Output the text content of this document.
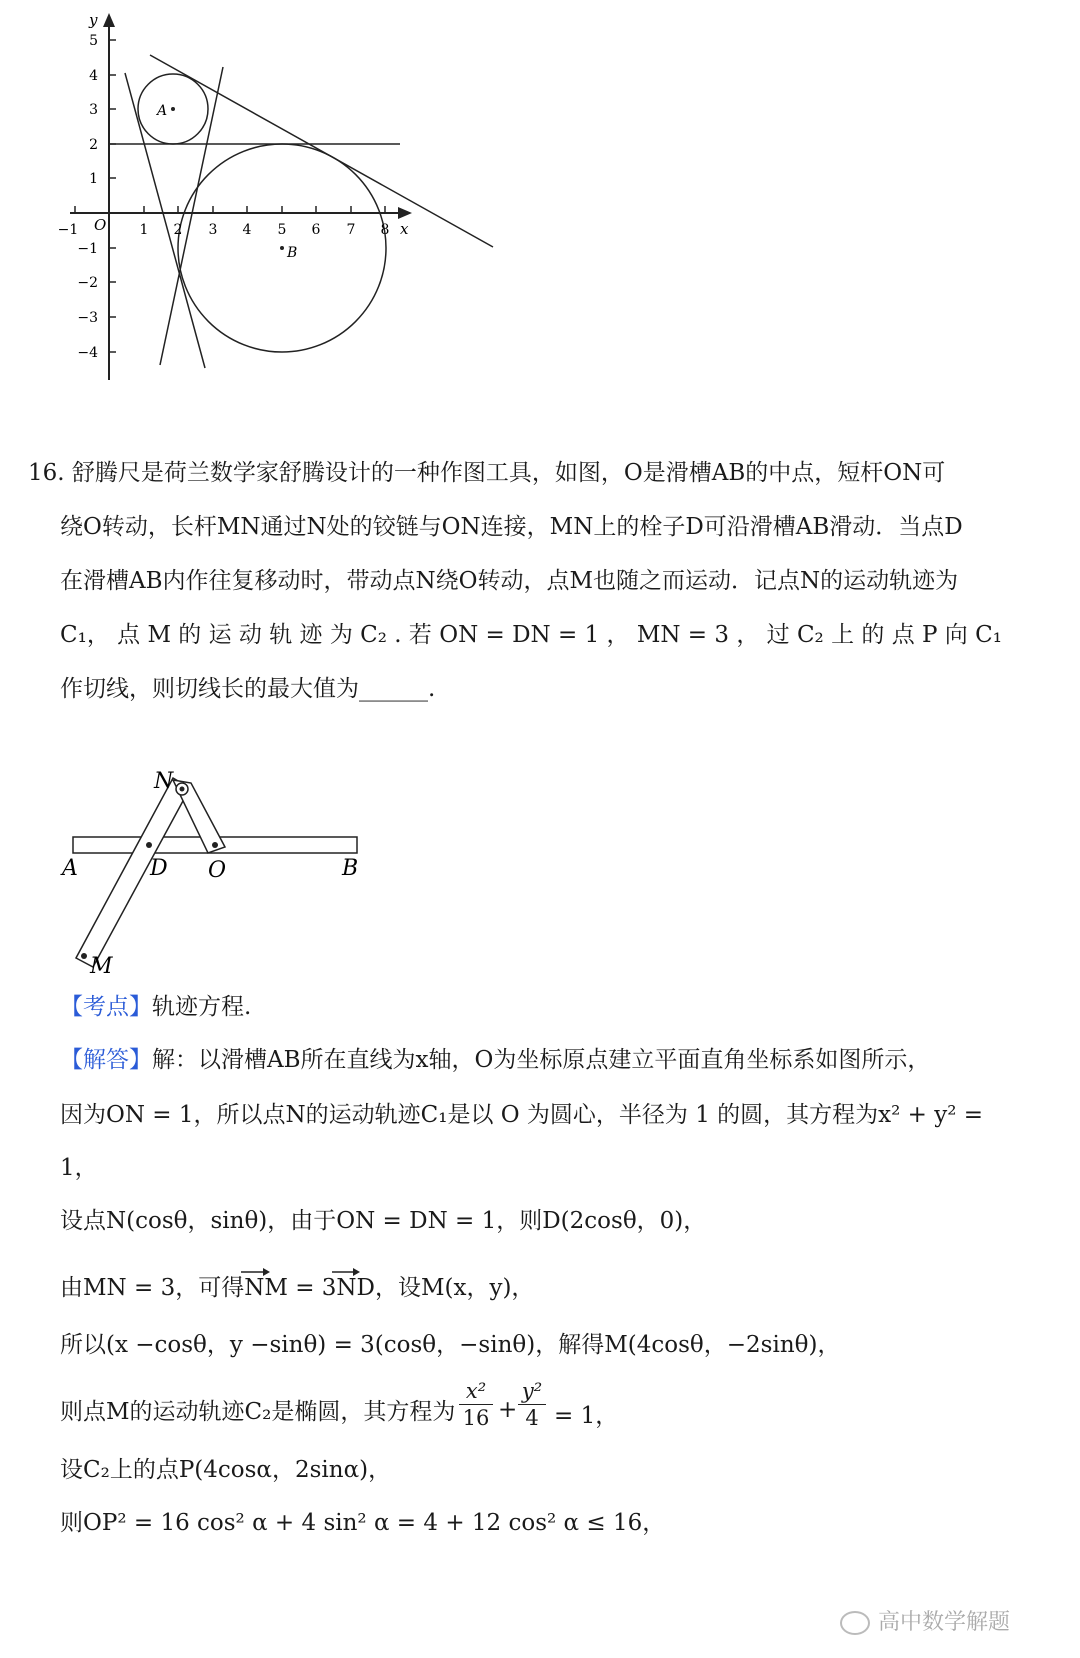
y
x
O
5
4
3
2
1
−1
−2
−3
−4
−1	1 2 3 4 5 6 7 8
A
B
16. 舒腾尺是荷兰数学家舒腾设计的一种作图工具，如图，O是滑槽AB的中点，短杆ON可
绕O转动，长杆MN通过N处的铰链与ON连接，MN上的栓子D可沿滑槽AB滑动．当点D
在滑槽AB内作往复移动时，带动点N绕O转动，点M也随之而运动．记点N的运动轨迹为
C₁， 点 M 的 运 动 轨 迹 为 C₂ . 若 ON = DN = 1 ， MN = 3 ， 过 C₂ 上 的 点 P 向 C₁
作切线，则切线长的最大值为______.
N
A	D O	B
M
【考点】轨迹方程.
【解答】解：以滑槽AB所在直线为x轴，O为坐标原点建立平面直角坐标系如图所示，
因为ON = 1，所以点N的运动轨迹C₁是以 O 为圆心，半径为 1 的圆，其方程为x² + y² =
1，
设点N(cosθ，sinθ)，由于ON = DN = 1，则D(2cosθ，0)，
由MN = 3，可得NM = 3ND，设M(x，y)，
所以(x −cosθ，y −sinθ) = 3(cosθ，−sinθ)，解得M(4cosθ，−2sinθ)，
则点M的运动轨迹C₂是椭圆，其方程为
x²
16 +
y²
4 = 1，
设C₂上的点P(4cosα，2sinα)，
则OP² = 16 cos² α + 4 sin² α = 4 + 12 cos² α ≤ 16，
高中数学解题
